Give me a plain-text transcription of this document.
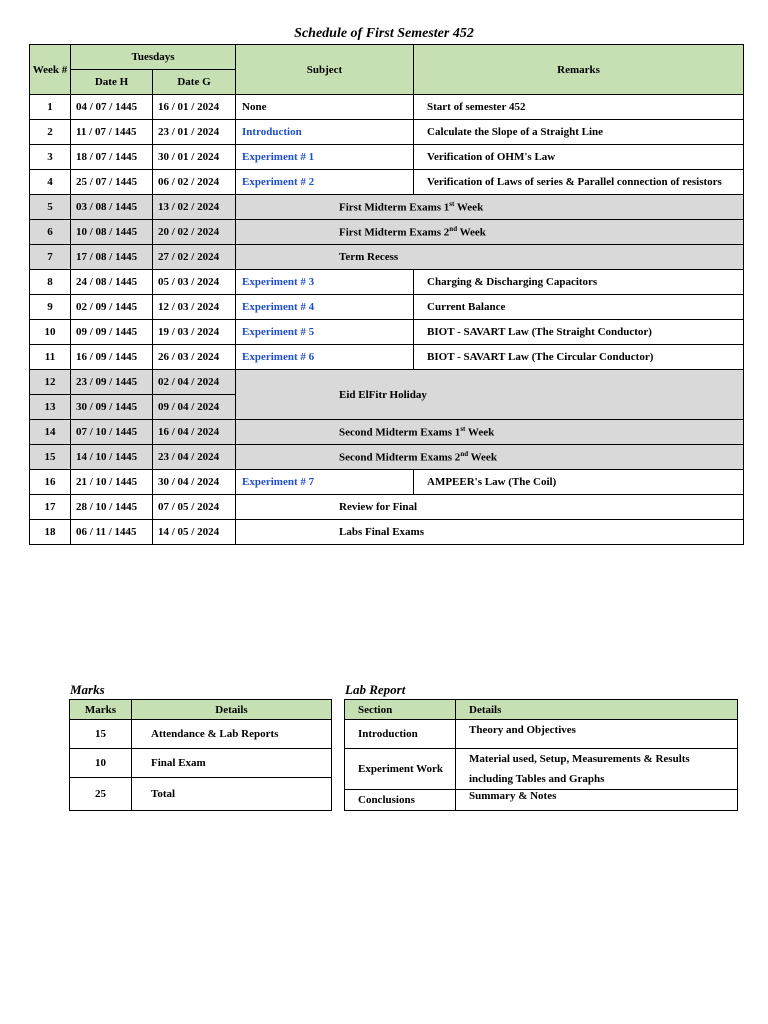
Schedule of First Semester 452
Week #	Tuesdays		Subject	Remarks
	Date H	Date G		
1	04 / 07 / 1445	16 / 01 / 2024	None	Start of semester 452
2	11 / 07 / 1445	23 / 01 / 2024	Introduction	Calculate the Slope of a Straight Line
3	18 / 07 / 1445	30 / 01 / 2024	Experiment # 1	Verification of OHM's Law
4	25 / 07 / 1445	06 / 02 / 2024	Experiment # 2	Verification of Laws of series & Parallel connection of resistors
5	03 / 08 / 1445	13 / 02 / 2024	First Midterm Exams 1st Week	
6	10 / 08 / 1445	20 / 02 / 2024	First Midterm Exams 2nd Week	
7	17 / 08 / 1445	27 / 02 / 2024	Term Recess	
8	24 / 08 / 1445	05 / 03 / 2024	Experiment # 3	Charging & Discharging Capacitors
9	02 / 09 / 1445	12 / 03 / 2024	Experiment # 4	Current Balance
10	09 / 09 / 1445	19 / 03 / 2024	Experiment # 5	BIOT - SAVART Law (The Straight Conductor)
11	16 / 09 / 1445	26 / 03 / 2024	Experiment # 6	BIOT - SAVART Law (The Circular Conductor)
12	23 / 09 / 1445	02 / 04 / 2024	Eid ElFitr Holiday	
13	30 / 09 / 1445	09 / 04 / 2024		
14	07 / 10 / 1445	16 / 04 / 2024	Second Midterm Exams 1st Week	
15	14 / 10 / 1445	23 / 04 / 2024	Second Midterm Exams 2nd Week	
16	21 / 10 / 1445	30 / 04 / 2024	Experiment # 7	AMPEER's Law (The Coil)
17	28 / 10 / 1445	07 / 05 / 2024	Review for Final	
18	06 / 11 / 1445	14 / 05 / 2024	Labs Final Exams	
Marks
Marks	Details
15	Attendance & Lab Reports
10	Final Exam
25	Total
Lab Report
Section	Details
Introduction	Theory and Objectives
Experiment Work	Material used, Setup, Measurements & Results
including Tables and Graphs

Conclusions	Summary & Notes
